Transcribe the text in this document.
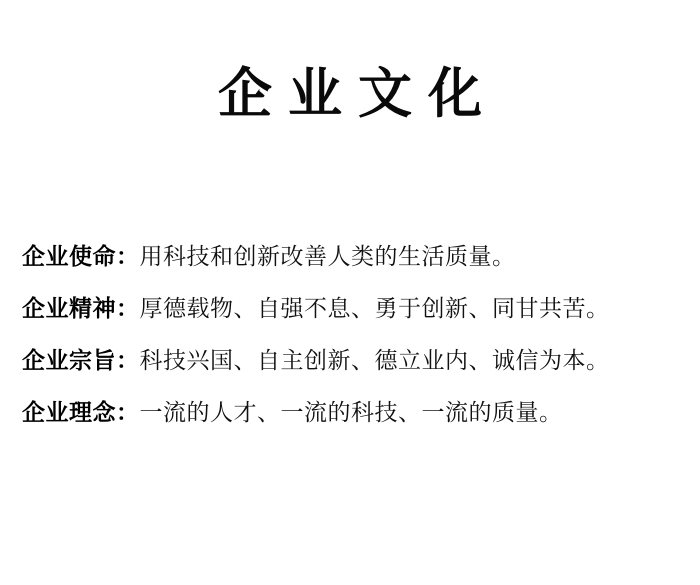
企业文化
企业使命： 用科技和创新改善人类的生活质量。
企业精神： 厚德载物、自强不息、勇于创新、同甘共苦。
企业宗旨： 科技兴国、自主创新、德立业内、诚信为本。
企业理念： 一流的人才、一流的科技、一流的质量。
